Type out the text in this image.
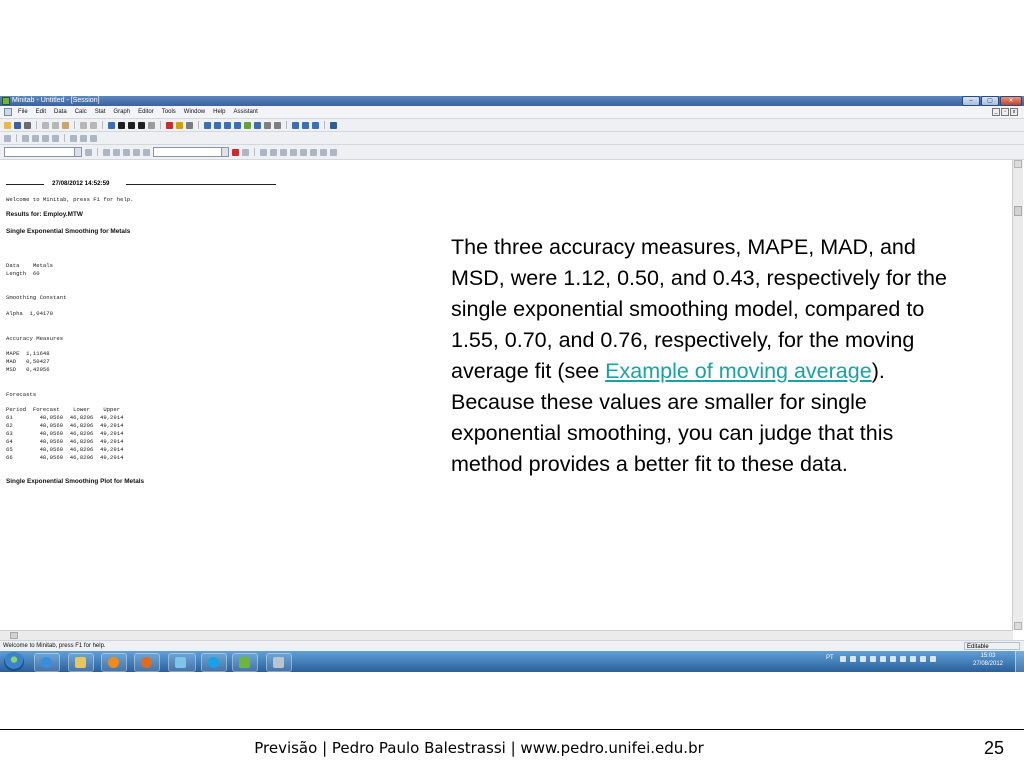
Minitab - Untitled - [Session]	–	▢	✕
File Edit Data Calc Stat Graph Editor Tools Window Help Assistant	_	▫	x
27/08/2012 14:52:59
Welcome to Minitab, press F1 for help.
Results for: Employ.MTW
Single Exponential Smoothing for Metals
Data    Metals
Length  60
Smoothing Constant
Alpha  1,04170
Accuracy Measures
MAPE  1,11648
MAD   0,50427
MSD   0,42956
Forecasts
Period  Forecast    Lower    Upper
61        48,0560  46,8206  49,2914
62        48,0560  46,8206  49,2914
63        48,0560  46,8206  49,2914
64        48,0560  46,8206  49,2914
65        48,0560  46,8206  49,2914
66        48,0560  46,8206  49,2914
Single Exponential Smoothing Plot for Metals
Welcome to Minitab, press F1 for help.	Editable
PT	15:03
27/08/2012
The three accuracy measures, MAPE, MAD, and MSD, were 1.12, 0.50, and 0.43, respectively for the single exponential smoothing model, compared to 1.55, 0.70, and 0.76, respectively, for the moving average fit (see Example of moving average). Because these values are smaller for single exponential smoothing, you can judge that this method provides a better fit to these data.
Previsão | Pedro Paulo Balestrassi | www.pedro.unifei.edu.br	25
